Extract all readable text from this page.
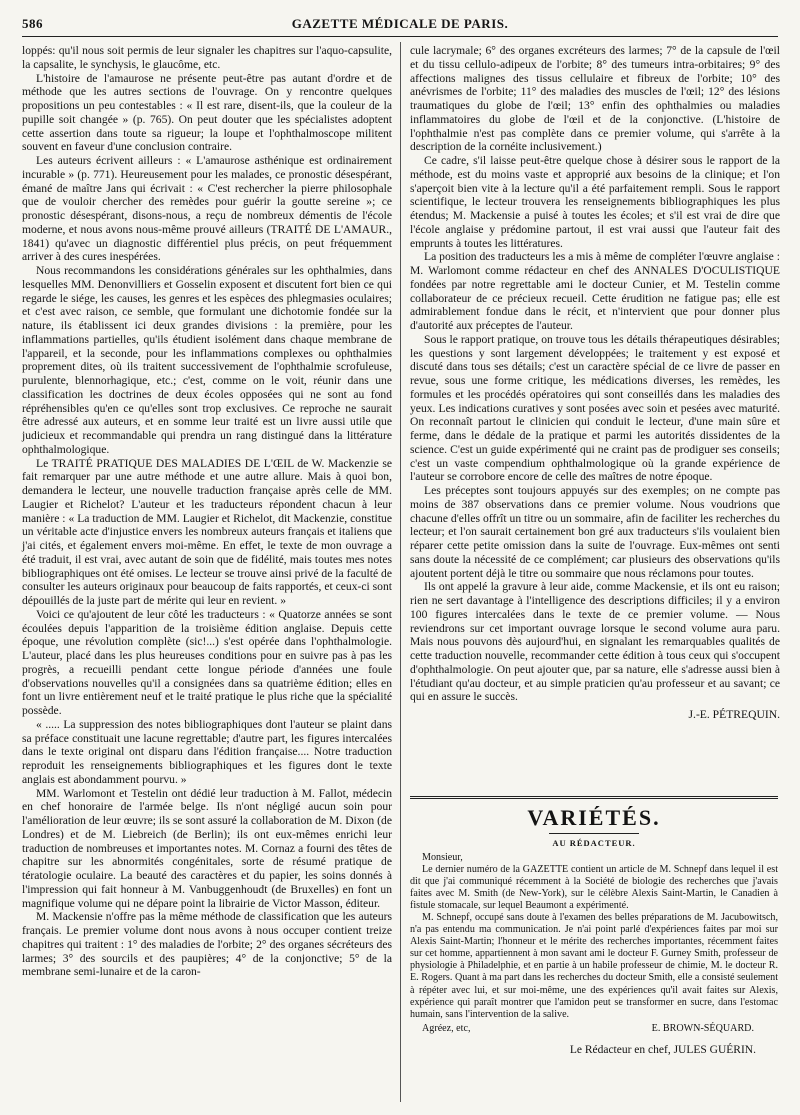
586	GAZETTE MÉDICALE DE PARIS.

loppés: qu'il nous soit permis de leur signaler les chapitres sur l'aquo-capsulite, la capsalite, le synchysis, le glaucôme, etc.

L'histoire de l'amaurose ne présente peut-être pas autant d'ordre et de méthode que les autres sections de l'ouvrage. On y rencontre quelques propositions un peu contestables : « Il est rare, disent-ils, que la couleur de la pupille soit changée » (p. 765). On peut douter que les spécialistes adoptent cette assertion dans toute sa rigueur; la loupe et l'ophthalmoscope militent souvent en faveur d'une conclusion contraire.

Les auteurs écrivent ailleurs : « L'amaurose asthénique est ordinairement incurable » (p. 771). Heureusement pour les malades, ce pronostic désespérant, émané de maître Jans qui écrivait : « C'est rechercher la pierre philosophale que de vouloir chercher des remèdes pour guérir la goutte sereine »; ce pronostic désespérant, disons-nous, a reçu de nombreux démentis de l'école moderne, et nous avons nous-même prouvé ailleurs (TRAITÉ DE L'AMAUR., 1841) qu'avec un diagnostic différentiel plus précis, on peut fréquemment arriver à des cures inespérées.

Nous recommandons les considérations générales sur les ophthalmies, dans lesquelles MM. Denonvilliers et Gosselin exposent et discutent fort bien ce qui regarde le siége, les causes, les genres et les espèces des phlegmasies oculaires; et c'est avec raison, ce semble, que formulant une dichotomie fondée sur la nature, ils établissent ici deux grandes divisions : la première, pour les inflammations partielles, qu'ils étudient isolément dans chaque membrane de l'appareil, et la seconde, pour les inflammations complexes ou ophthalmies proprement dites, où ils traitent successivement de l'ophthalmie scrofuleuse, purulente, blennorhagique, etc.; c'est, comme on le voit, réunir dans une classification les doctrines de deux écoles opposées qui ne sont au fond répréhensibles qu'en ce qu'elles sont trop exclusives. Ce reproche ne saurait être adressé aux auteurs, et en somme leur traité est un livre aussi utile que judicieux et recommandable qui prendra un rang distingué dans la littérature ophthalmologique.

Le TRAITÉ PRATIQUE DES MALADIES DE L'ŒIL de W. Mackenzie se fait remarquer par une autre méthode et une autre allure. Mais à quoi bon, demandera le lecteur, une nouvelle traduction française après celle de MM. Laugier et Richelot? L'auteur et les traducteurs répondent chacun à leur manière : « La traduction de MM. Laugier et Richelot, dit Mackenzie, constitue un véritable acte d'injustice envers les nombreux auteurs français et italiens que j'ai cités, et également envers moi-même. En effet, le texte de mon ouvrage a été traduit, il est vrai, avec autant de soin que de fidélité, mais toutes mes notes bibliographiques ont été omises. Le lecteur se trouve ainsi privé de la faculté de consulter les auteurs originaux pour beaucoup de faits rapportés, et ceux-ci sont dépouillés de la juste part de mérite qui leur en revient. »

Voici ce qu'ajoutent de leur côté les traducteurs : « Quatorze années se sont écoulées depuis l'apparition de la troisième édition anglaise. Depuis cette époque, une révolution complète (sic!...) s'est opérée dans l'ophthalmologie. L'auteur, placé dans les plus heureuses conditions pour en suivre pas à pas les progrès, a recueilli pendant cette longue période d'années une foule d'observations nouvelles qu'il a consignées dans sa quatrième édition; elles en font un livre entièrement neuf et le traité pratique le plus riche que la spécialité possède.

« ..... La suppression des notes bibliographiques dont l'auteur se plaint dans sa préface constituait une lacune regrettable; d'autre part, les figures intercalées dans le texte original ont disparu dans l'édition française.... Notre traduction reproduit les renseignements bibliographiques et les figures dont le texte anglais est abondamment pourvu. »

MM. Warlomont et Testelin ont dédié leur traduction à M. Fallot, médecin en chef honoraire de l'armée belge. Ils n'ont négligé aucun soin pour l'amélioration de leur œuvre; ils se sont assuré la collaboration de M. Dixon (de Londres) et de M. Liebreich (de Berlin); ils ont eux-mêmes enrichi leur traduction de nombreuses et importantes notes. M. Cornaz a fourni des têtes de chapitre sur les abnormités congénitales, sorte de résumé pratique de tératologie oculaire. La beauté des caractères et du papier, les soins donnés à l'impression qui fait honneur à M. Vanbuggenhoudt (de Bruxelles) en font un magnifique volume qui ne dépare point la librairie de Victor Masson, éditeur.

M. Mackensie n'offre pas la même méthode de classification que les auteurs français. Le premier volume dont nous avons à nous occuper contient treize chapitres qui traitent : 1° des maladies de l'orbite; 2° des organes sécréteurs des larmes; 3° des sourcils et des paupières; 4° de la conjonctive; 5° de la membrane semi-lunaire et de la caron-

cule lacrymale; 6° des organes excréteurs des larmes; 7° de la capsule de l'œil et du tissu cellulo-adipeux de l'orbite; 8° des tumeurs intra-orbitaires; 9° des affections malignes des tissus cellulaire et fibreux de l'orbite; 10° des anévrismes de l'orbite; 11° des maladies des muscles de l'œil; 12° des lésions traumatiques du globe de l'œil; 13° enfin des ophthalmies ou maladies inflammatoires du globe de l'œil et de la conjonctive. (L'histoire de l'ophthalmie n'est pas complète dans ce premier volume, qui s'arrête à la description de la cornéite inclusivement.)

Ce cadre, s'il laisse peut-être quelque chose à désirer sous le rapport de la méthode, est du moins vaste et approprié aux besoins de la clinique; et l'on s'aperçoit bien vite à la lecture qu'il a été parfaitement rempli. Sous le rapport scientifique, le lecteur trouvera les renseignements bibliographiques les plus étendus; M. Mackensie a puisé à toutes les écoles; et s'il est vrai de dire que l'école anglaise y prédomine partout, il est vrai aussi que l'auteur fait des emprunts à toutes les littératures.

La position des traducteurs les a mis à même de compléter l'œuvre anglaise : M. Warlomont comme rédacteur en chef des ANNALES D'OCULISTIQUE fondées par notre regrettable ami le docteur Cunier, et M. Testelin comme collaborateur de ce précieux recueil. Cette érudition ne fatigue pas; elle est admirablement fondue dans le récit, et n'intervient que pour donner plus d'autorité aux préceptes de l'auteur.

Sous le rapport pratique, on trouve tous les détails thérapeutiques désirables; les questions y sont largement développées; le traitement y est exposé et discuté dans tous ses détails; c'est un caractère spécial de ce livre de passer en revue, sous une forme critique, les médications diverses, les remèdes, les formules et les procédés opératoires qui sont conseillés dans les maladies des yeux. Les indications curatives y sont posées avec soin et pesées avec maturité. On reconnaît partout le clinicien qui conduit le lecteur, d'une main sûre et ferme, dans le dédale de la pratique et parmi les autorités dissidentes de la science. C'est un guide expérimenté qui ne craint pas de prodiguer ses conseils; c'est un vaste compendium ophthalmologique où la grande expérience de l'auteur se corrobore encore de celle des maîtres de notre époque.

Les préceptes sont toujours appuyés sur des exemples; on ne compte pas moins de 387 observations dans ce premier volume. Nous voudrions que chacune d'elles offrît un titre ou un sommaire, afin de faciliter les recherches du lecteur; et l'on saurait certainement bon gré aux traducteurs s'ils voulaient bien réparer cette petite omission dans la suite de l'ouvrage. Eux-mêmes ont senti sans doute la nécessité de ce complément; car plusieurs des observations qu'ils ajoutent portent déjà le titre ou sommaire que nous réclamons pour toutes.

Ils ont appelé la gravure à leur aide, comme Mackensie, et ils ont eu raison; rien ne sert davantage à l'intelligence des descriptions difficiles; il y a environ 100 figures intercalées dans le texte de ce premier volume. — Nous reviendrons sur cet important ouvrage lorsque le second volume aura paru. Mais nous pouvons dès aujourd'hui, en signalant les remarquables qualités de cette traduction nouvelle, recommander cette édition à tous ceux qui s'occupent d'ophthalmologie. On peut ajouter que, par sa nature, elle s'adresse aussi bien à l'étudiant qu'au docteur, et au simple praticien qu'au professeur et au savant; ce qui en assure le succès.

J.-E. PÉTREQUIN.
VARIÉTÉS.
AU RÉDACTEUR.

Monsieur,

Le dernier numéro de la GAZETTE contient un article de M. Schnepf dans lequel il est dit que j'ai communiqué récemment à la Société de biologie des recherches que j'avais faites avec M. Smith (de New-York), sur le célèbre Alexis Saint-Martin, le Canadien à fistule stomacale, sur lequel Beaumont a expérimenté.

M. Schnepf, occupé sans doute à l'examen des belles préparations de M. Jacubowitsch, n'a pas entendu ma communication. Je n'ai point parlé d'expériences faites par moi sur Alexis Saint-Martin; l'honneur et le mérite des recherches importantes, récemment faites sur cet homme, appartiennent à mon savant ami le docteur F. Gurney Smith, professeur de physiologie à Philadelphie, et en partie à un habile professeur de chimie, M. le docteur R. E. Rogers. Quant à ma part dans les recherches du docteur Smith, elle a consisté seulement à répéter avec lui, et sur moi-même, une des expériences qu'il avait faites sur Alexis, expérience qui paraît montrer que l'amidon peut se transformer en sucre, dans l'estomac humain, sans l'intervention de la salive.

Agréez, etc,	E. BROWN-SÉQUARD.
Le Rédacteur en chef, JULES GUÉRIN.
